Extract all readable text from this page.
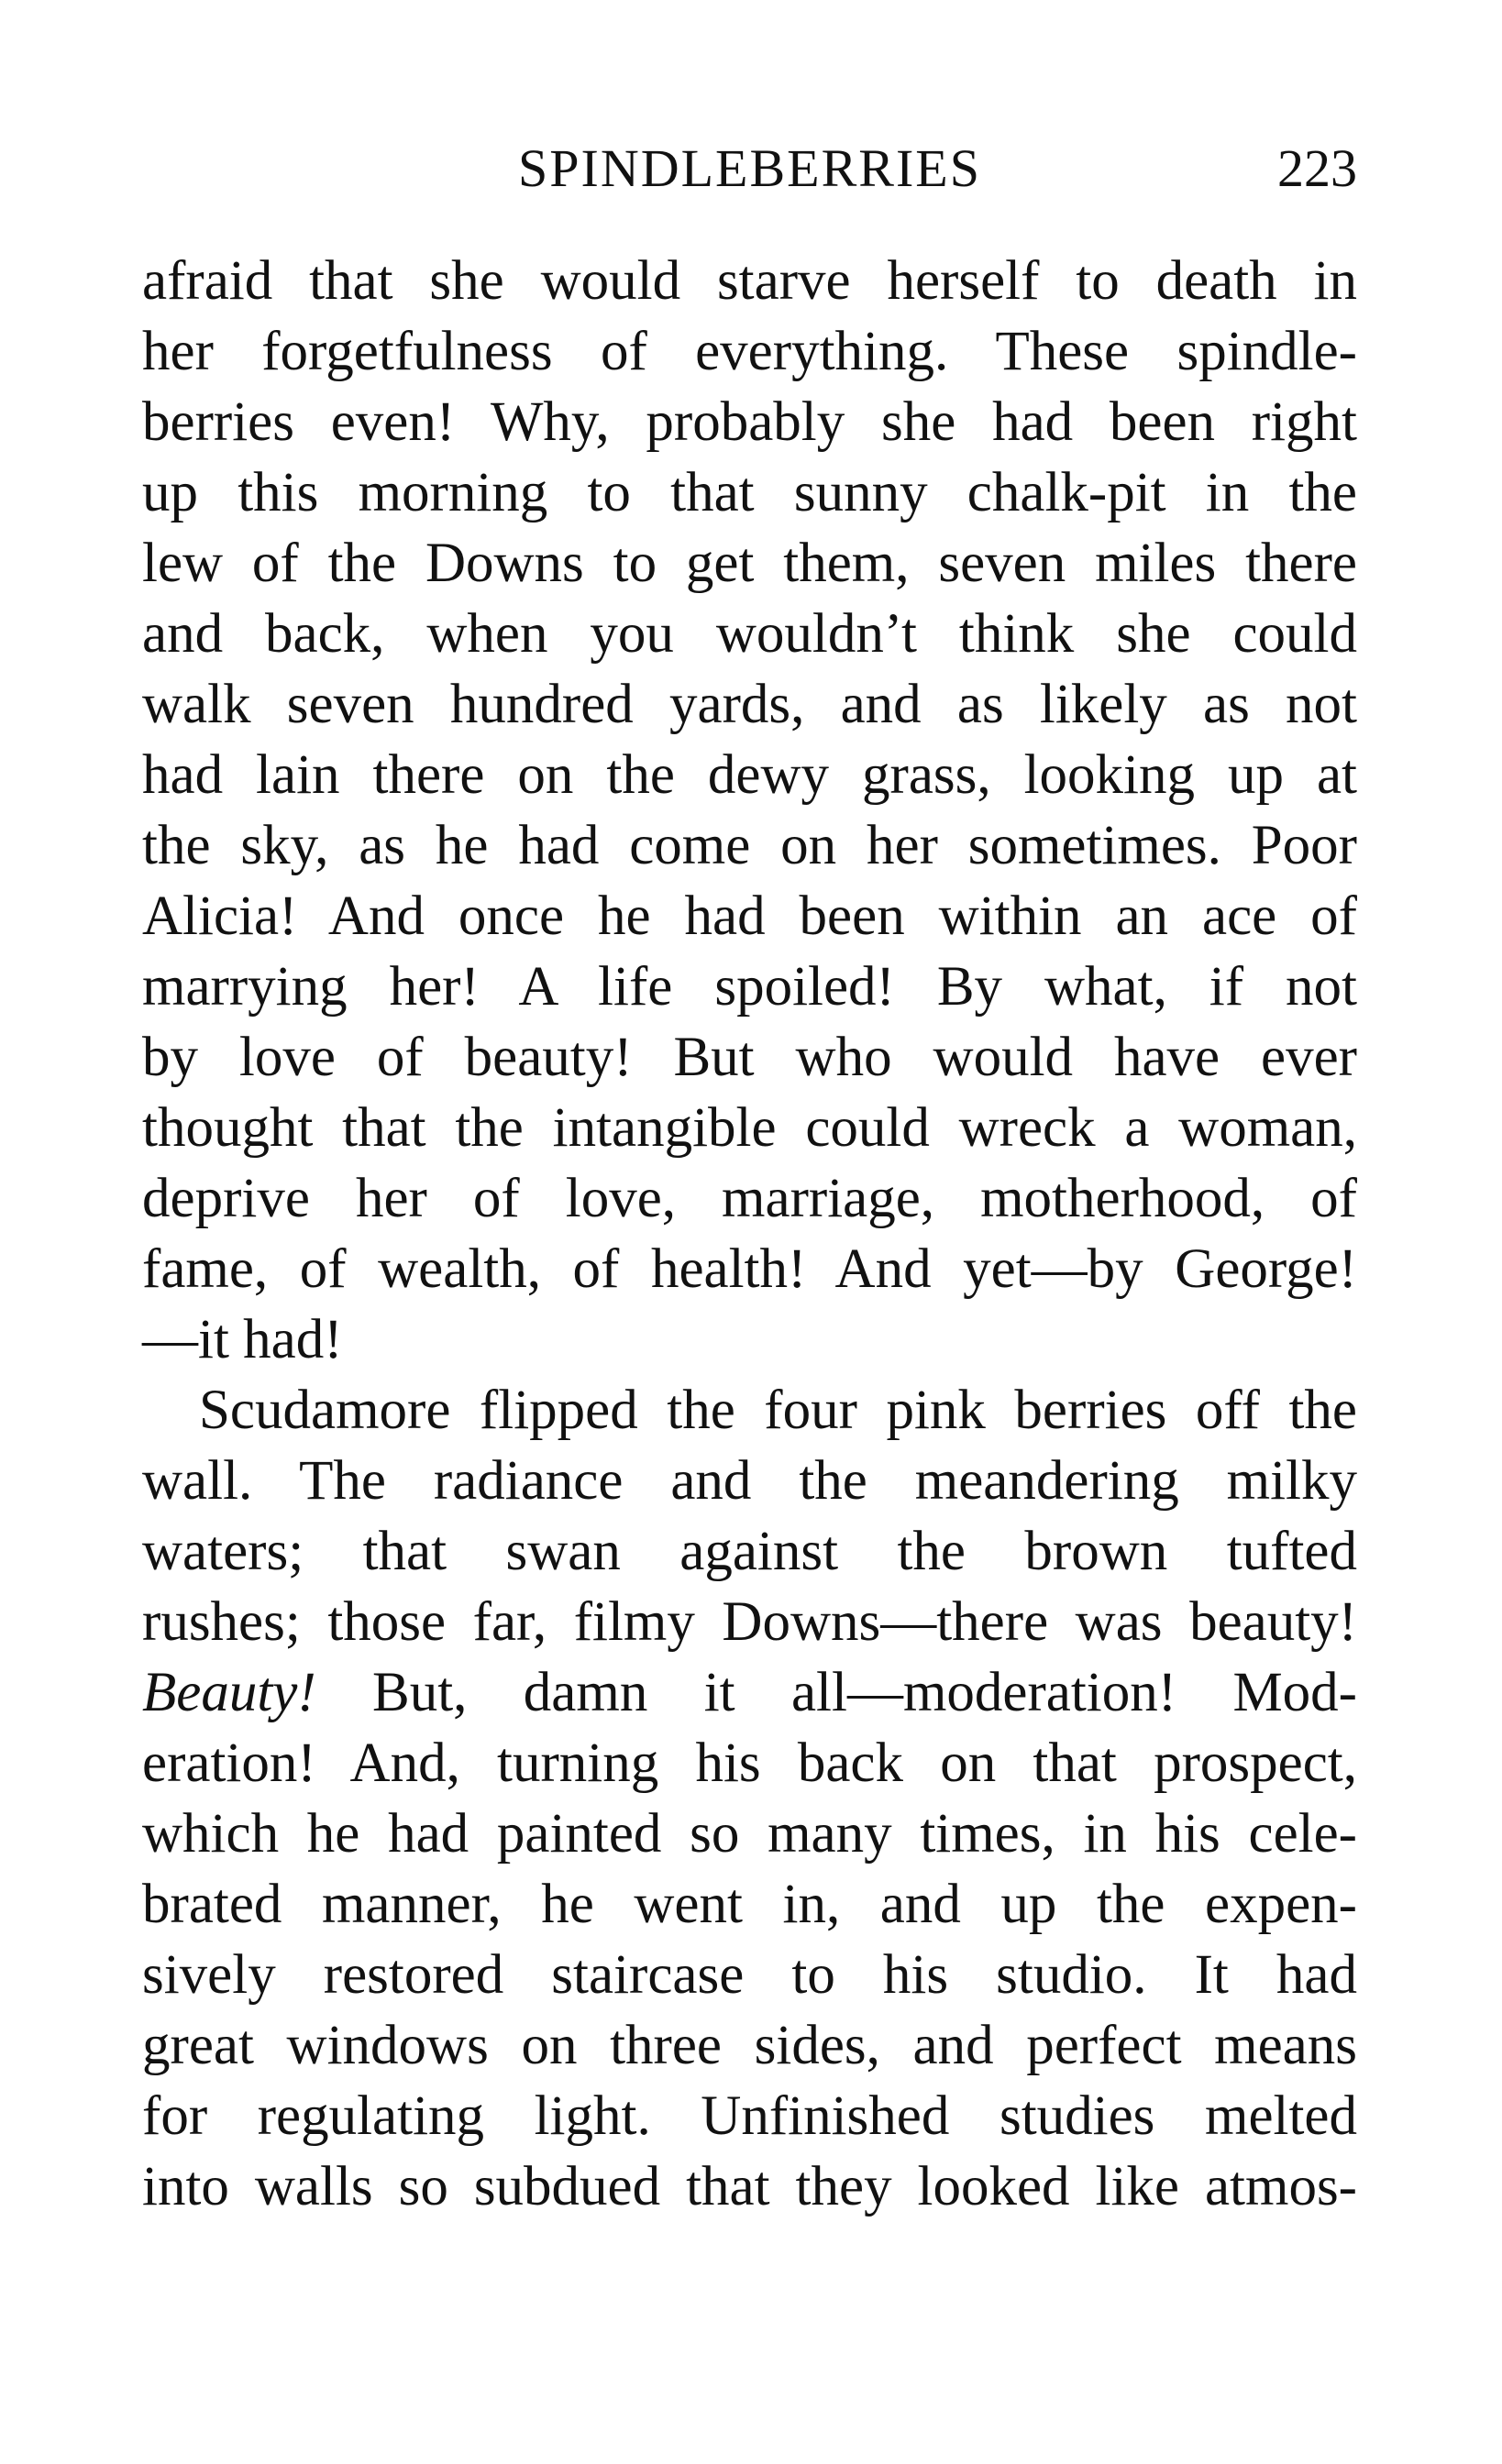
SPINDLEBERRIES	223
afraid that she would starve herself to death in
her forgetfulness of everything. These spindle-
berries even! Why, probably she had been right
up this morning to that sunny chalk-pit in the
lew of the Downs to get them, seven miles there
and back, when you wouldn’t think she could
walk seven hundred yards, and as likely as not
had lain there on the dewy grass, looking up at
the sky, as he had come on her sometimes. Poor
Alicia! And once he had been within an ace of
marrying her! A life spoiled! By what, if not
by love of beauty! But who would have ever
thought that the intangible could wreck a woman,
deprive her of love, marriage, motherhood, of
fame, of wealth, of health! And yet—by George!
—it had!
Scudamore flipped the four pink berries off the
wall. The radiance and the meandering milky
waters; that swan against the brown tufted
rushes; those far, filmy Downs—there was beauty!
Beauty! But, damn it all—moderation! Mod-
eration! And, turning his back on that prospect,
which he had painted so many times, in his cele-
brated manner, he went in, and up the expen-
sively restored staircase to his studio. It had
great windows on three sides, and perfect means
for regulating light. Unfinished studies melted
into walls so subdued that they looked like atmos-
